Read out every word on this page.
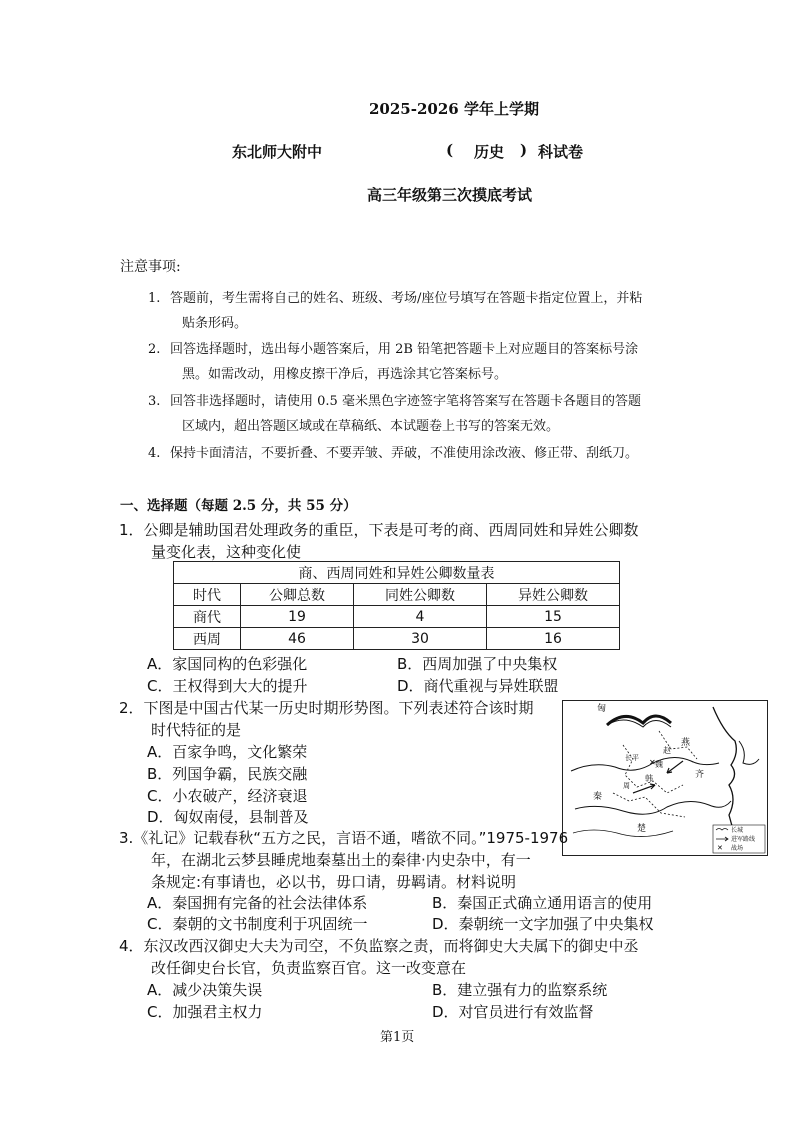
2025-2026 学年上学期
东北师大附中	( 历史 ) 科试卷
高三年级第三次摸底考试
注意事项:
1. 答题前，考生需将自己的姓名、班级、考场/座位号填写在答题卡指定位置上，并粘
贴条形码。
2. 回答选择题时，选出每小题答案后，用 2B 铅笔把答题卡上对应题目的答案标号涂
黑。如需改动，用橡皮擦干净后，再选涂其它答案标号。
3. 回答非选择题时，请使用 0.5 毫米黑色字迹签字笔将答案写在答题卡各题目的答题
区域内，超出答题区域或在草稿纸、本试题卷上书写的答案无效。
4. 保持卡面清洁，不要折叠、不要弄皱、弄破，不准使用涂改液、修正带、刮纸刀。
一、选择题（每题 2.5 分，共 55 分）
1．公卿是辅助国君处理政务的重臣，下表是可考的商、西周同姓和异姓公卿数
量变化表，这种变化使
商、西周同姓和异姓公卿数量表			
时代	公卿总数	同姓公卿数	异姓公卿数
商代	19	4	15
西周	46	30	16
A．家国同构的色彩强化	B．西周加强了中央集权
C．王权得到大大的提升	D．商代重视与异姓联盟
2．下图是中国古代某一历史时期形势图。下列表述符合该时期
时代特征的是
A．百家争鸣，文化繁荣
B．列国争霸，民族交融
C．小农破产，经济衰退
D．匈奴南侵，县制普及
✕
✕
匈
燕
齐
秦
楚
韩
魏
赵
长平
周
长城
进军路线
战场
3.《礼记》记载春秋“五方之民，言语不通，嗜欲不同。”1975-1976
年，在湖北云梦县睡虎地秦墓出土的秦律·内史杂中，有一
条规定:有事请也，必以书，毋口请，毋羁请。材料说明
A．秦国拥有完备的社会法律体系	B．秦国正式确立通用语言的使用
C．秦朝的文书制度利于巩固统一	D．秦朝统一文字加强了中央集权
4．东汉改西汉御史大夫为司空，不负监察之责，而将御史大夫属下的御史中丞
改任御史台长官，负责监察百官。这一改变意在
A．减少决策失误	B．建立强有力的监察系统
C．加强君主权力	D．对官员进行有效监督
第1页
